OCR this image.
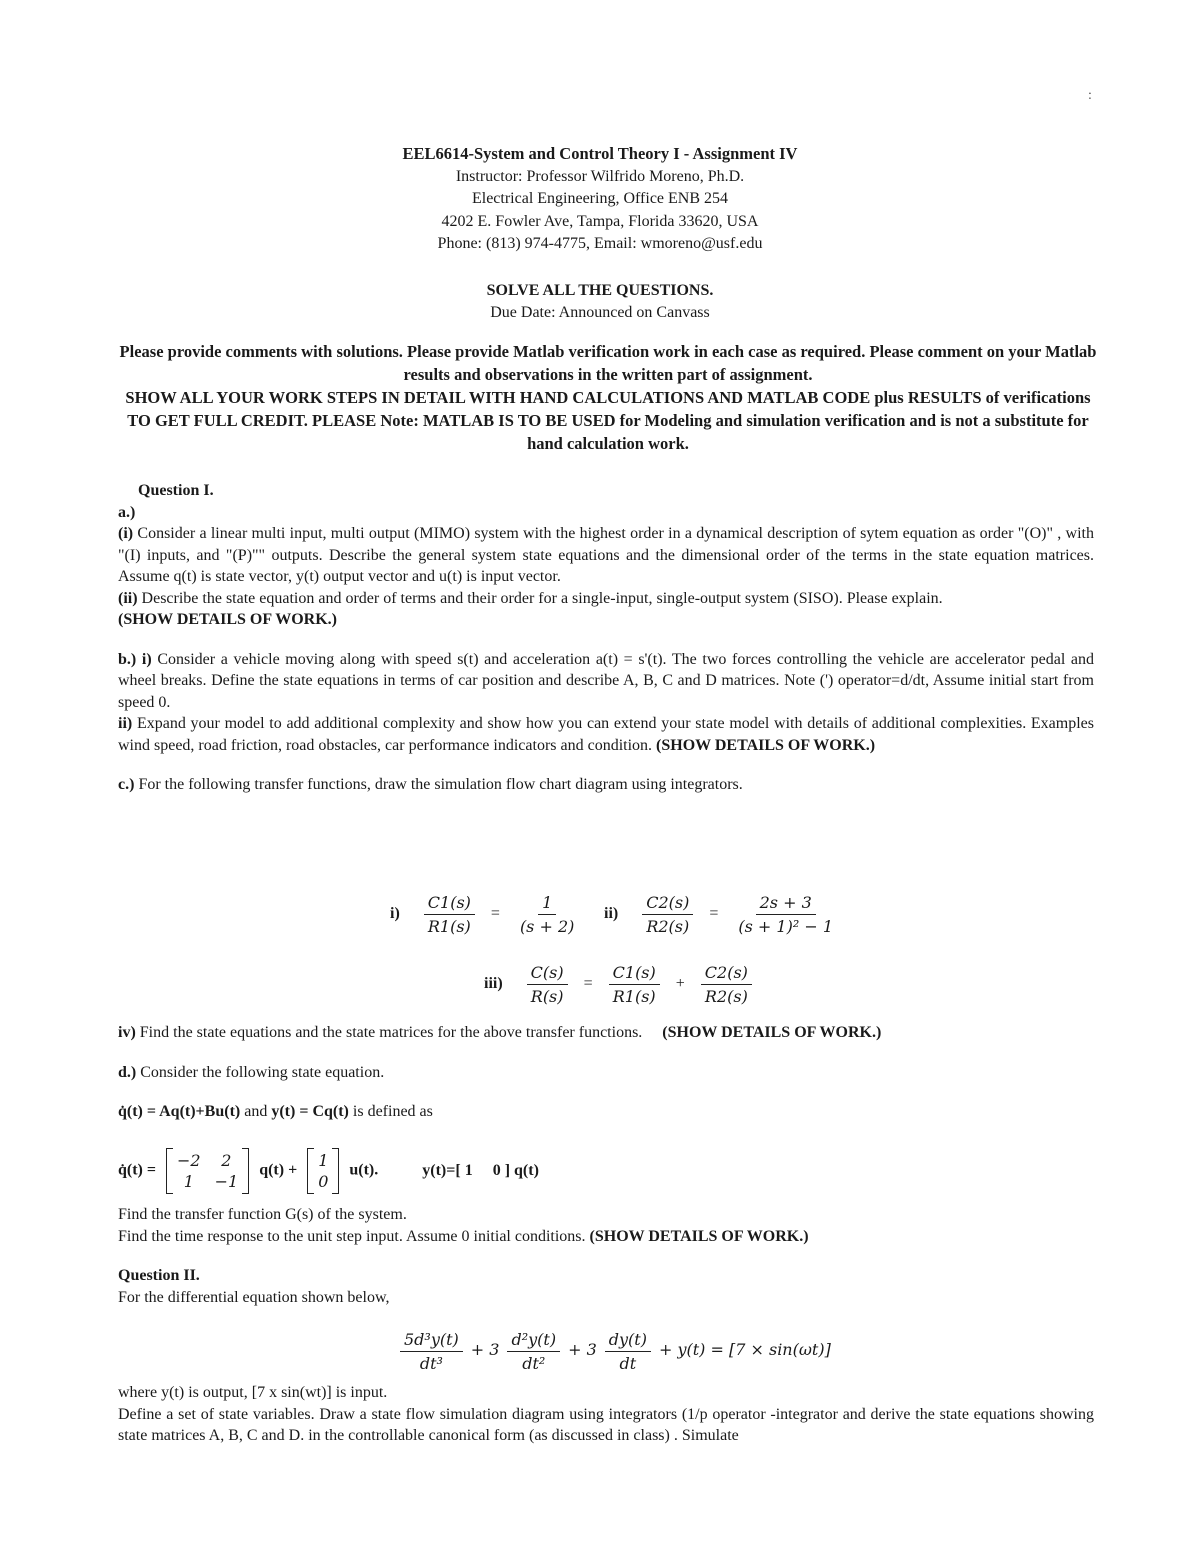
:
EEL6614-System and Control Theory I - Assignment IV
Instructor: Professor Wilfrido Moreno, Ph.D.
Electrical Engineering, Office ENB 254
4202 E. Fowler Ave, Tampa, Florida 33620, USA
Phone: (813) 974-4775, Email: wmoreno@usf.edu
SOLVE ALL THE QUESTIONS.
Due Date: Announced on Canvass
Please provide comments with solutions. Please provide Matlab verification work in each case as required. Please comment on your Matlab results and observations in the written part of assignment.
SHOW ALL YOUR WORK STEPS IN DETAIL WITH HAND CALCULATIONS AND MATLAB CODE plus RESULTS of verifications TO GET FULL CREDIT. PLEASE Note: MATLAB IS TO BE USED for Modeling and simulation verification and is not a substitute for hand calculation work.

Question I.

a.)

(i) Consider a linear multi input, multi output (MIMO) system with the highest order in a dynamical description of sytem equation as order "(O)" , with "(I) inputs, and "(P)"" outputs. Describe the general system state equations and the dimensional order of the terms in the state equation matrices. Assume q(t) is state vector, y(t) output vector and u(t) is input vector.

(ii) Describe the state equation and order of terms and their order for a single-input, single-output system (SISO). Please explain.

(SHOW DETAILS OF WORK.)

b.) i) Consider a vehicle moving along with speed s(t) and acceleration a(t) = s'(t). The two forces controlling the vehicle are accelerator pedal and wheel breaks. Define the state equations in terms of car position and describe A, B, C and D matrices. Note (') operator=d/dt, Assume initial start from speed 0.

ii) Expand your model to add additional complexity and show how you can extend your state model with details of additional complexities. Examples wind speed, road friction, road obstacles, car performance indicators and condition. (SHOW DETAILS OF WORK.)

c.) For the following transfer functions, draw the simulation flow chart diagram using integrators.

$i) \frac{C1(s)}{R1(s)} = \frac{1}{(s + 2)} ii) \frac{C2(s)}{R2(s)} = \frac{2s + 3}{\text{(s + 1)² − 1}}$
$iii) \frac{C(s)}{R(s)} = \frac{C1(s)}{R1(s)} + \frac{C2(s)}{R2(s)}$

iv) Find the state equations and the state matrices for the above transfer functions. (SHOW DETAILS OF WORK.)

d.) Consider the following state equation.

q̇(t) = Aq(t)+Bu(t) and y(t) = Cq(t) is defined as

q̇(t) =
−2	2
1	−1
q(t) +
1
0
u(t).	y(t)=[ 1     0 ] q(t)

Find the transfer function G(s) of the system.

Find the time response to the unit step input. Assume 0 initial conditions. (SHOW DETAILS OF WORK.)

Question II.

For the differential equation shown below,

$\frac{\text{5d³y(t)}}{\text{dt³}} + 3 \frac{\text{d²y(t)}}{\text{dt²}} + 3 \frac{dy(t)}{dt} + y(t) = [7 \times \sin(\omega t)]$

where y(t) is output, [7 x sin(wt)] is input.

Define a set of state variables. Draw a state flow simulation diagram using integrators (1/p operator -integrator and derive the state equations showing state matrices A, B, C and D. in the controllable canonical form (as discussed in class) . Simulate
